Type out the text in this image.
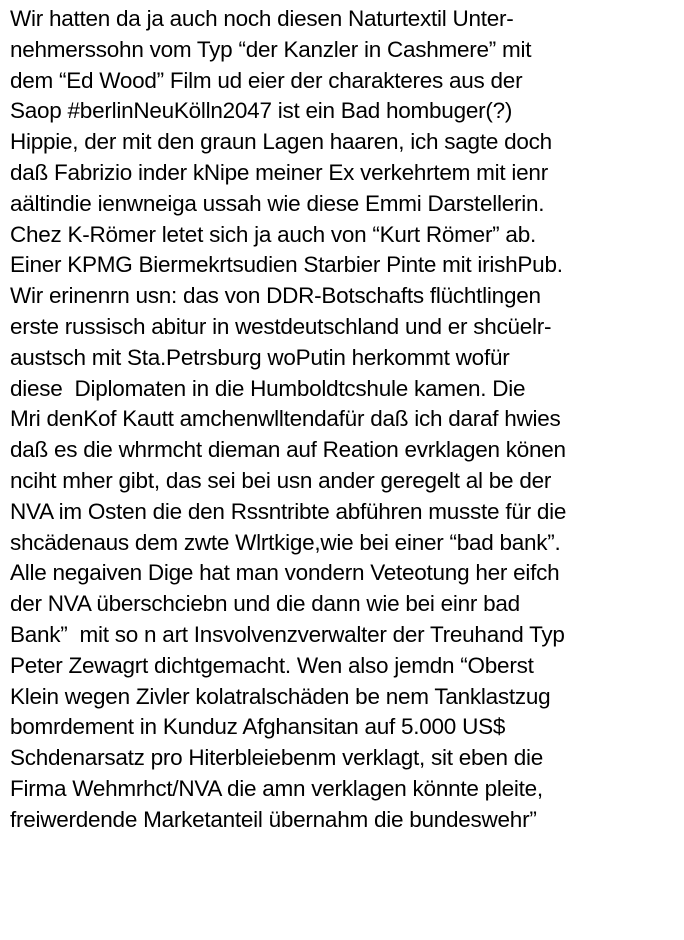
Wir hatten da ja auch noch diesen Naturtextil Unter-
nehmerssohn vom Typ “der Kanzler in Cashmere” mit
dem “Ed Wood” Film ud eier der charakteres aus der
Saop #berlinNeuKölln2047 ist ein Bad hombuger(?)
Hippie, der mit den graun Lagen haaren, ich sagte doch
daß Fabrizio inder kNipe meiner Ex verkehrtem mit ienr
aältindie ienwneiga ussah wie diese Emmi Darstellerin.
Chez K-Römer letet sich ja auch von “Kurt Römer” ab.
Einer KPMG Biermekrtsudien Starbier Pinte mit irishPub.
Wir erinenrn usn: das von DDR-Botschafts flüchtlingen
erste russisch abitur in westdeutschland und er shcüelr-
austsch mit Sta.Petrsburg woPutin herkommt wofür
diese  Diplomaten in die Humboldtcshule kamen. Die
Mri denKof Kautt amchenwlltendafür daß ich daraf hwies
daß es die whrmcht dieman auf Reation evrklagen könen
nciht mher gibt, das sei bei usn ander geregelt al be der
NVA im Osten die den Rssntribte abführen musste für die
shcädenaus dem zwte Wlrtkige,wie bei einer “bad bank”.
Alle negaiven Dige hat man vondern Veteotung her eifch
der NVA überschciebn und die dann wie bei einr bad
Bank”  mit so n art Insvolvenzverwalter der Treuhand Typ
Peter Zewagrt dichtgemacht. Wen also jemdn “Oberst
Klein wegen Zivler kolatralschäden be nem Tanklastzug
bomrdement in Kunduz Afghansitan auf 5.000 US$
Schdenarsatz pro Hiterbleiebenm verklagt, sit eben die
Firma Wehmrhct/NVA die amn verklagen könnte pleite,
freiwerdende Marketanteil übernahm die bundeswehr”
